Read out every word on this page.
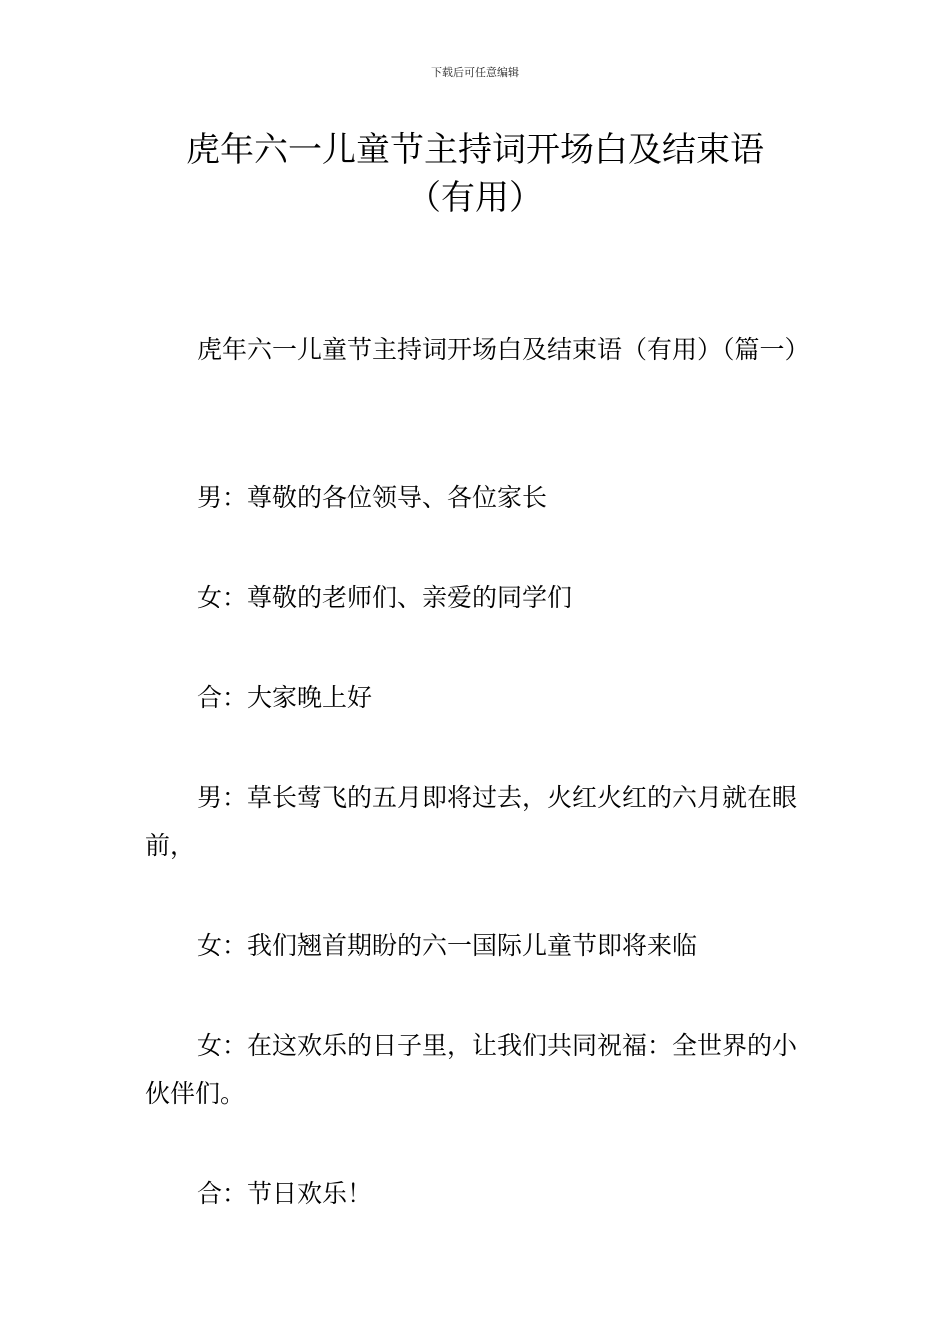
下载后可任意编辑
虎年六一儿童节主持词开场白及结束语
（有用）
虎年六一儿童节主持词开场白及结束语（有用）（篇一）
男：尊敬的各位领导、各位家长
女：尊敬的老师们、亲爱的同学们
合：大家晚上好
男：草长莺飞的五月即将过去，火红火红的六月就在眼前，
女：我们翘首期盼的六一国际儿童节即将来临
女：在这欢乐的日子里，让我们共同祝福：全世界的小伙伴们。
合：节日欢乐！
